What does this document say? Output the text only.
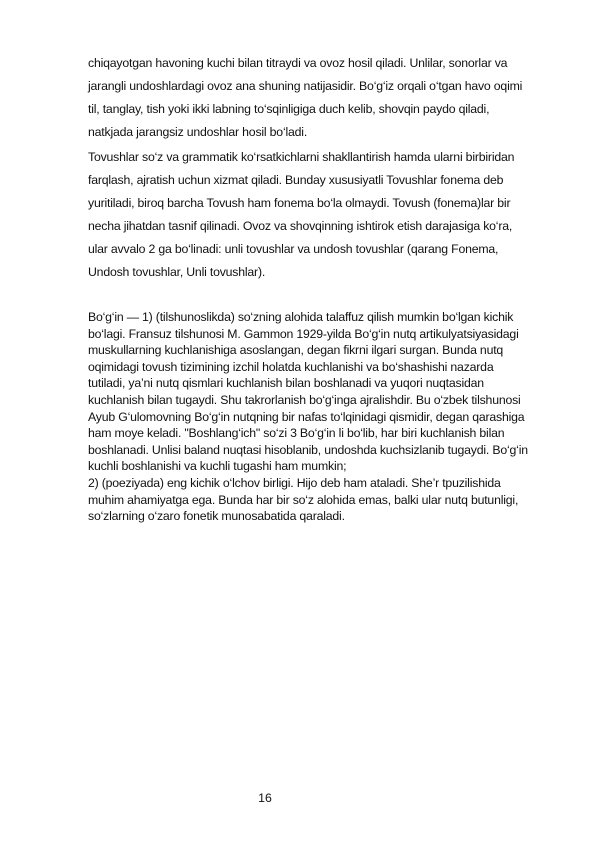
chiqayotgan havoning kuchi bilan titraydi va ovoz hosil qiladi. Unlilar, sonorlar va
jarangli undoshlardagi ovoz ana shuning natijasidir. Bo‘g‘iz orqali o‘tgan havo oqimi
til, tanglay, tish yoki ikki labning to‘sqinligiga duch kelib, shovqin paydo qiladi,
natkjada jarangsiz undoshlar hosil bo‘ladi.
Tovushlar so‘z va grammatik ko‘rsatkichlarni shakllantirish hamda ularni birbiridan
farqlash, ajratish uchun xizmat qiladi. Bunday xususiyatli Tovushlar fonema deb
yuritiladi, biroq barcha Tovush ham fonema bo‘la olmaydi. Tovush (fonema)lar bir
necha jihatdan tasnif qilinadi. Ovoz va shovqinning ishtirok etish darajasiga ko‘ra,
ular avvalo 2 ga bo‘linadi: unli tovushlar va undosh tovushlar (qarang Fonema,
Undosh tovushlar, Unli tovushlar).
Bo‘g‘in — 1) (tilshunoslikda) so‘zning alohida talaffuz qilish mumkin bo‘lgan kichik
bo‘lagi. Fransuz tilshunosi M. Gammon 1929-yilda Bo‘g‘in nutq artikulyatsiyasidagi
muskullarning kuchlanishiga asoslangan, degan fikrni ilgari surgan. Bunda nutq
oqimidagi tovush tizimining izchil holatda kuchlanishi va bo‘shashishi nazarda
tutiladi, ya’ni nutq qismlari kuchlanish bilan boshlanadi va yuqori nuqtasidan
kuchlanish bilan tugaydi. Shu takrorlanish bo‘g‘inga ajralishdir. Bu o‘zbek tilshunosi
Ayub G‘ulomovning Bo‘g‘in nutqning bir nafas to‘lqinidagi qismidir, degan qarashiga
ham moye keladi. "Boshlang‘ich" so‘zi 3 Bo‘g‘in li bo‘lib, har biri kuchlanish bilan
boshlanadi. Unlisi baland nuqtasi hisoblanib, undoshda kuchsizlanib tugaydi. Bo‘g‘in
kuchli boshlanishi va kuchli tugashi ham mumkin;
2) (poeziyada) eng kichik o‘lchov birligi. Hijo deb ham ataladi. She’r tpuzilishida
muhim ahamiyatga ega. Bunda har bir so‘z alohida emas, balki ular nutq butunligi,
so‘zlarning o‘zaro fonetik munosabatida qaraladi.
16
